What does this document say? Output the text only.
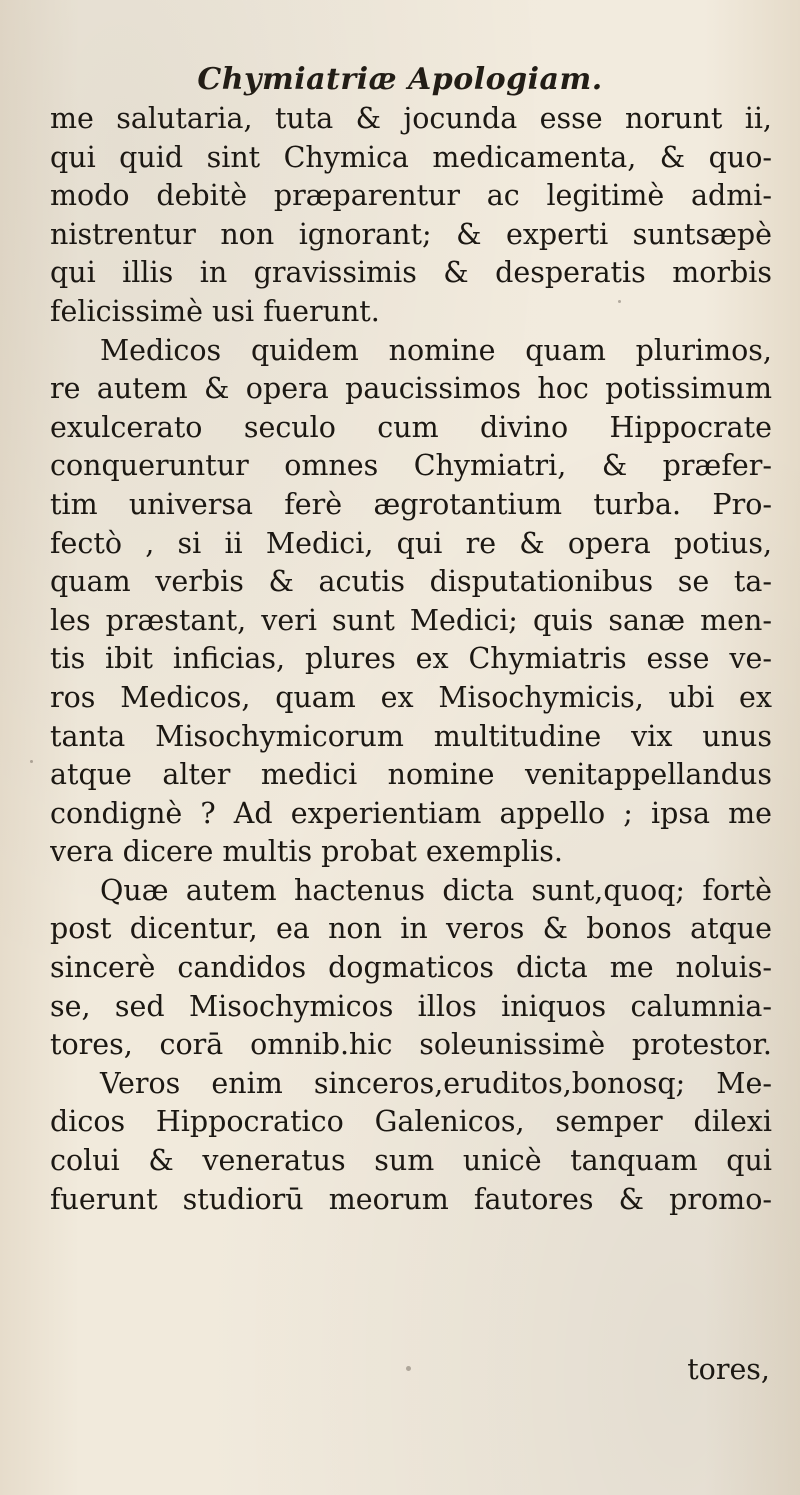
Chymiatriæ Apologiam.
me salutaria, tuta & jocunda esse norunt ii,
qui quid sint Chymica medicamenta, & quo-
modo debitè præparentur ac legitimè admi-
nistrentur non ignorant; & experti suntsæpè
qui illis in gravissimis & desperatis morbis
felicissimè usi fuerunt.
Medicos quidem nomine quam plurimos,
re autem & opera paucissimos hoc potissimum
exulcerato seculo cum divino Hippocrate
conqueruntur omnes Chymiatri, & præfer-
tim universa ferè ægrotantium turba. Pro-
fectò , si ii Medici, qui re & opera potius,
quam verbis & acutis disputationibus se ta-
les præstant, veri sunt Medici; quis sanæ men-
tis ibit inficias, plures ex Chymiatris esse ve-
ros Medicos, quam ex Misochymicis, ubi ex
tanta Misochymicorum multitudine vix unus
atque alter medici nomine venitappellandus
condignè ? Ad experientiam appello ; ipsa me
vera dicere multis probat exemplis.
Quæ autem hactenus dicta sunt,quoq; fortè
post dicentur, ea non in veros & bonos atque
sincerè candidos dogmaticos dicta me noluis-
se, sed Misochymicos illos iniquos calumnia-
tores, corā omnib.hic soleunissimè protestor.
Veros enim sinceros,eruditos,bonosq; Me-
dicos Hippocratico Galenicos, semper dilexi
colui & veneratus sum unicè tanquam qui
fuerunt studiorū meorum fautores & promo-
tores,
